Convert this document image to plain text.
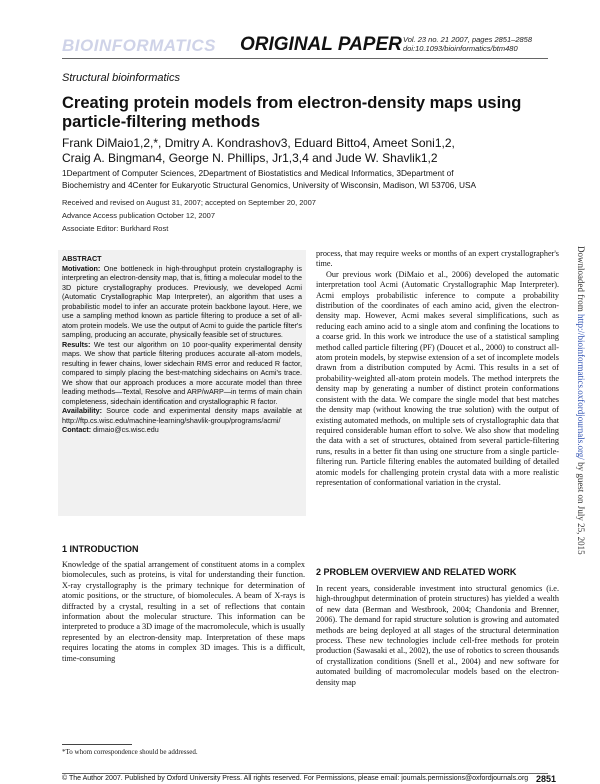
BIOINFORMATICS ORIGINAL PAPER Vol. 23 no. 21 2007, pages 2851–2858
doi:10.1093/bioinformatics/btm480
Structural bioinformatics
Creating protein models from electron-density maps using particle-filtering methods
Frank DiMaio1,2,*, Dmitry A. Kondrashov3, Eduard Bitto4, Ameet Soni1,2,
Craig A. Bingman4, George N. Phillips, Jr1,3,4 and Jude W. Shavlik1,2
1Department of Computer Sciences, 2Department of Biostatistics and Medical Informatics, 3Department of
Biochemistry and 4Center for Eukaryotic Structural Genomics, University of Wisconsin, Madison, WI 53706, USA
Received and revised on August 31, 2007; accepted on September 20, 2007
Advance Access publication October 12, 2007
Associate Editor: Burkhard Rost

ABSTRACT

Motivation: One bottleneck in high-throughput protein crystallography is interpreting an electron-density map, that is, fitting a molecular model to the 3D picture crystallography produces. Previously, we developed Acmi (Automatic Crystallographic Map Interpreter), an algorithm that uses a probabilistic model to infer an accurate protein backbone layout. Here, we use a sampling method known as particle filtering to produce a set of all-atom protein models. We use the output of Acmi to guide the particle filter's sampling, producing an accurate, physically feasible set of structures.

Results: We test our algorithm on 10 poor-quality experimental density maps. We show that particle filtering produces accurate all-atom models, resulting in fewer chains, lower sidechain RMS error and reduced R factor, compared to simply placing the best-matching sidechains on Acmi's trace. We show that our approach produces a more accurate model than three leading methods—Textal, Resolve and ARP/wARP—in terms of main chain completeness, sidechain identification and crystallographic R factor.

Availability: Source code and experimental density maps available at http://ftp.cs.wisc.edu/machine-learning/shavlik-group/programs/acmi/

Contact: dimaio@cs.wisc.edu

1 INTRODUCTION
Knowledge of the spatial arrangement of constituent atoms in a complex biomolecules, such as proteins, is vital for understanding their function. X-ray crystallography is the primary technique for determination of atomic positions, or the structure, of biomolecules. A beam of X-rays is diffracted by a crystal, resulting in a set of reflections that contain information about the molecular structure. This information can be interpreted to produce a 3D image of the macromolecule, which is usually represented by an electron-density map. Interpretation of these maps requires locating the atoms in complex 3D images. This is a difficult, time-consuming
*To whom correspondence should be addressed.

process, that may require weeks or months of an expert crystallographer's time.

Our previous work (DiMaio et al., 2006) developed the automatic interpretation tool Acmi (Automatic Crystallographic Map Interpreter). Acmi employs probabilistic inference to compute a probability distribution of the coordinates of each amino acid, given the electron-density map. However, Acmi makes several simplifications, such as reducing each amino acid to a single atom and confining the locations to a coarse grid. In this work we introduce the use of a statistical sampling method called particle filtering (PF) (Doucet et al., 2000) to construct all-atom protein models, by stepwise extension of a set of incomplete models drawn from a distribution computed by Acmi. This results in a set of probability-weighted all-atom protein models. The method interprets the density map by generating a number of distinct protein conformations consistent with the data. We compare the single model that best matches the density map (without knowing the true solution) with the output of existing automated methods, on multiple sets of crystallographic data that required considerable human effort to solve. We also show that modeling the data with a set of structures, obtained from several particle-filtering runs, results in a better fit than using one structure from a single particle-filtering run. Particle filtering enables the automated building of detailed atomic models for challenging protein crystal data with a more realistic representation of conformational variation in the crystal.

2 PROBLEM OVERVIEW AND RELATED WORK
In recent years, considerable investment into structural genomics (i.e. high-throughput determination of protein structures) has yielded a wealth of new data (Berman and Westbrook, 2004; Chandonia and Brenner, 2006). The demand for rapid structure solution is growing and automated methods are being deployed at all stages of the structural determination process. These new technologies include cell-free methods for protein production (Sawasaki et al., 2002), the use of robotics to screen thousands of crystallization conditions (Snell et al., 2004) and new software for automated building of macromolecular models based on the electron-density map
© The Author 2007. Published by Oxford University Press. All rights reserved. For Permissions, please email: journals.permissions@oxfordjournals.org 2851
Downloaded from http://bioinformatics.oxfordjournals.org/ by guest on July 25, 2015
